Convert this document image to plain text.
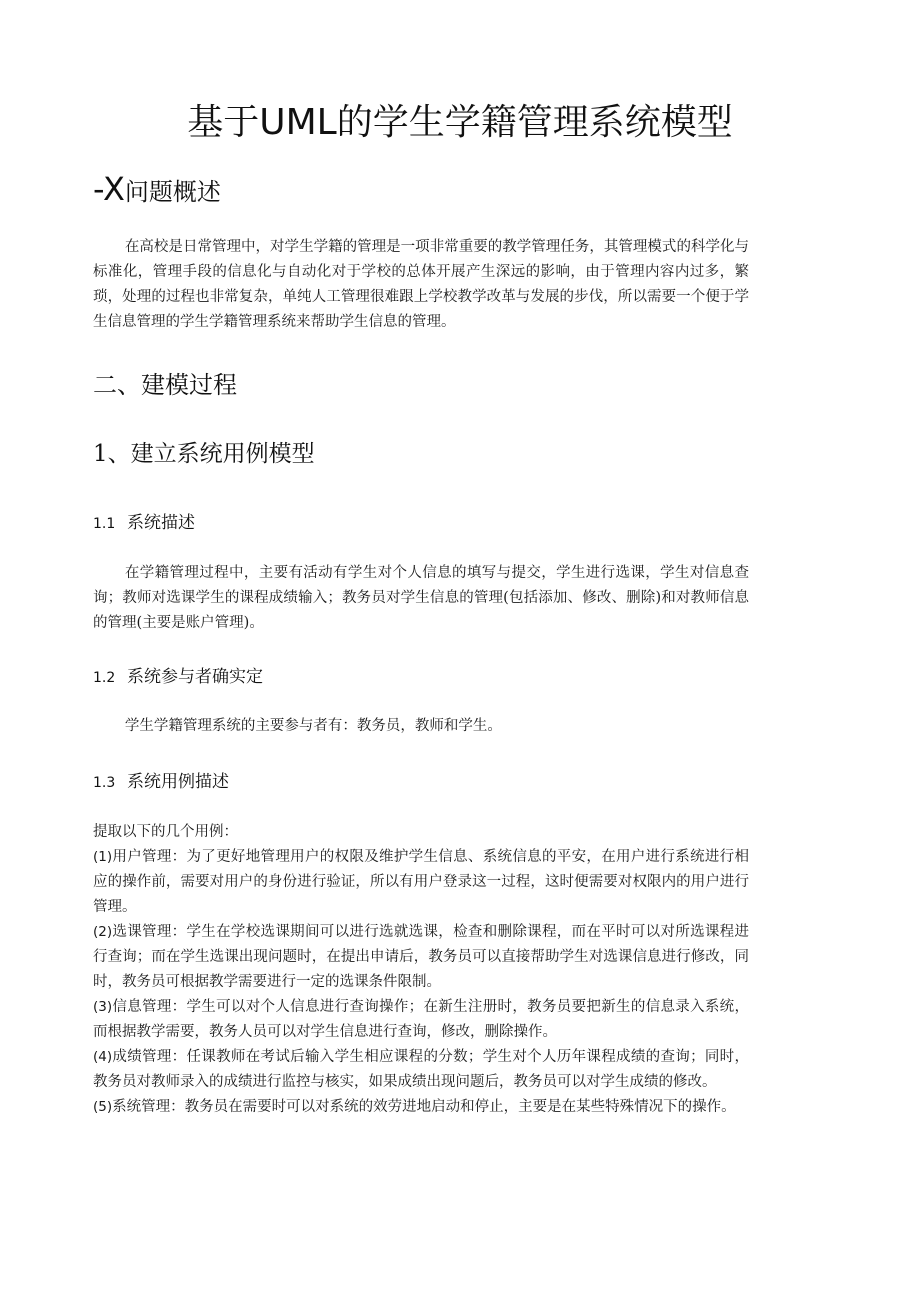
基于UML的学生学籍管理系统模型
-X问题概述

在高校是日常管理中，对学生学籍的管理是一项非常重要的教学管理任务，其管理模式的科学化与标准化，管理手段的信息化与自动化对于学校的总体开展产生深远的影响，由于管理内容内过多，繁琐，处理的过程也非常复杂，单纯人工管理很难跟上学校教学改革与发展的步伐，所以需要一个便于学生信息管理的学生学籍管理系统来帮助学生信息的管理。

二、建模过程
1、建立系统用例模型
1.1 系统描述

在学籍管理过程中，主要有活动有学生对个人信息的填写与提交，学生进行选课，学生对信息查询；教师对选课学生的课程成绩输入；教务员对学生信息的管理(包括添加、修改、删除)和对教师信息的管理(主要是账户管理)。

1.2 系统参与者确实定

学生学籍管理系统的主要参与者有：教务员，教师和学生。

1.3 系统用例描述

提取以下的几个用例：

(1)用户管理：为了更好地管理用户的权限及维护学生信息、系统信息的平安，在用户进行系统进行相应的操作前，需要对用户的身份进行验证，所以有用户登录这一过程，这时便需要对权限内的用户进行管理。

(2)选课管理：学生在学校选课期间可以进行选就选课，检查和删除课程，而在平时可以对所选课程进行查询；而在学生选课出现问题时，在提出申请后，教务员可以直接帮助学生对选课信息进行修改，同时，教务员可根据教学需要进行一定的选课条件限制。

(3)信息管理：学生可以对个人信息进行查询操作；在新生注册时，教务员要把新生的信息录入系统，而根据教学需要，教务人员可以对学生信息进行查询，修改，删除操作。

(4)成绩管理：任课教师在考试后输入学生相应课程的分数；学生对个人历年课程成绩的查询；同时，教务员对教师录入的成绩进行监控与核实，如果成绩出现问题后，教务员可以对学生成绩的修改。

(5)系统管理：教务员在需要时可以对系统的效劳进地启动和停止，主要是在某些特殊情况下的操作。
